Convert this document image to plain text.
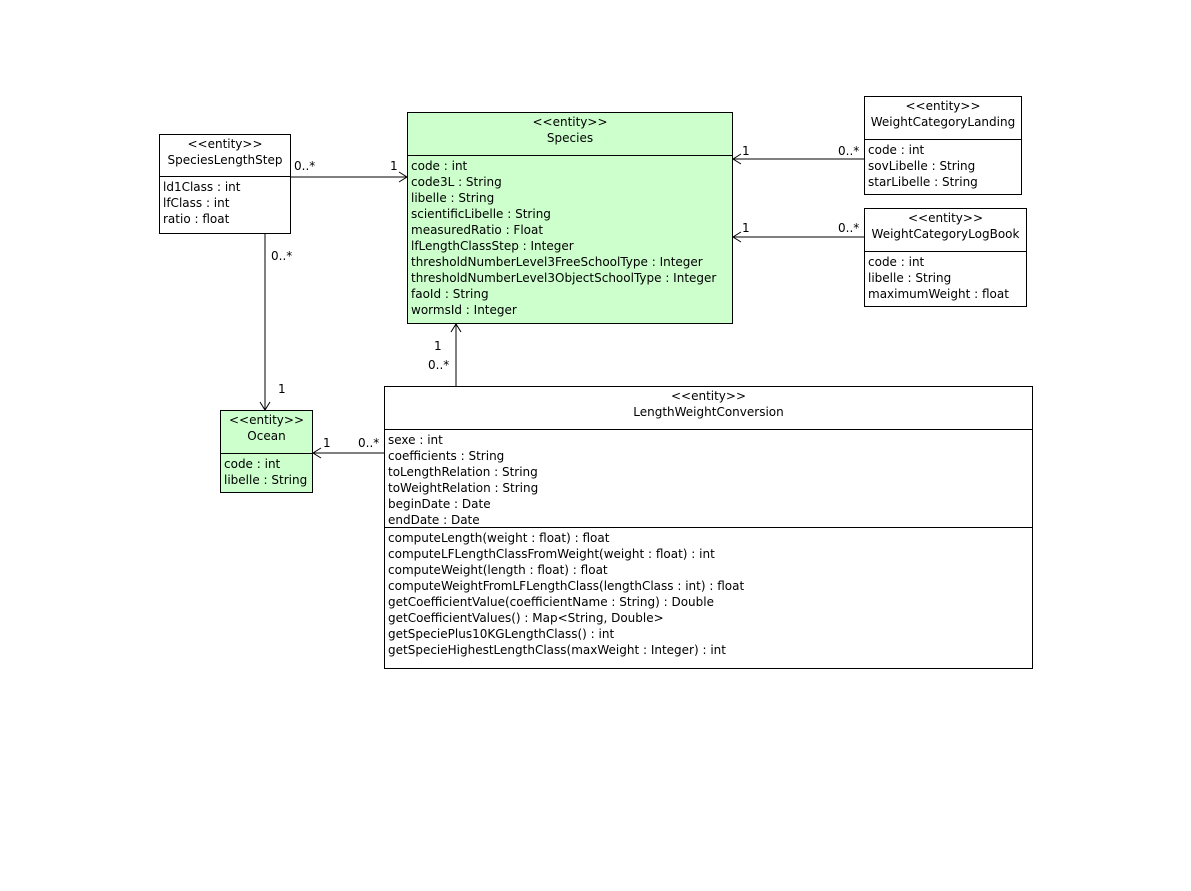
0..*	1
0..*
1
0..*
1
0..*
1
0..*
1
0..*
1
<<entity>>
Species
code : int
code3L : String
libelle : String
scientificLibelle : String
measuredRatio : Float
lfLengthClassStep : Integer
thresholdNumberLevel3FreeSchoolType : Integer
thresholdNumberLevel3ObjectSchoolType : Integer
faoId : String
wormsId : Integer
<<entity>>
SpeciesLengthStep
ld1Class : int
lfClass : int
ratio : float
<<entity>>
WeightCategoryLanding
code : int
sovLibelle : String
starLibelle : String
<<entity>>
WeightCategoryLogBook
code : int
libelle : String
maximumWeight : float
<<entity>>
Ocean
code : int
libelle : String
<<entity>>
LengthWeightConversion
sexe : int
coefficients : String
toLengthRelation : String
toWeightRelation : String
beginDate : Date
endDate : Date
computeLength(weight : float) : float
computeLFLengthClassFromWeight(weight : float) : int
computeWeight(length : float) : float
computeWeightFromLFLengthClass(lengthClass : int) : float
getCoefficientValue(coefficientName : String) : Double
getCoefficientValues() : Map<String, Double>
getSpeciePlus10KGLengthClass() : int
getSpecieHighestLengthClass(maxWeight : Integer) : int
